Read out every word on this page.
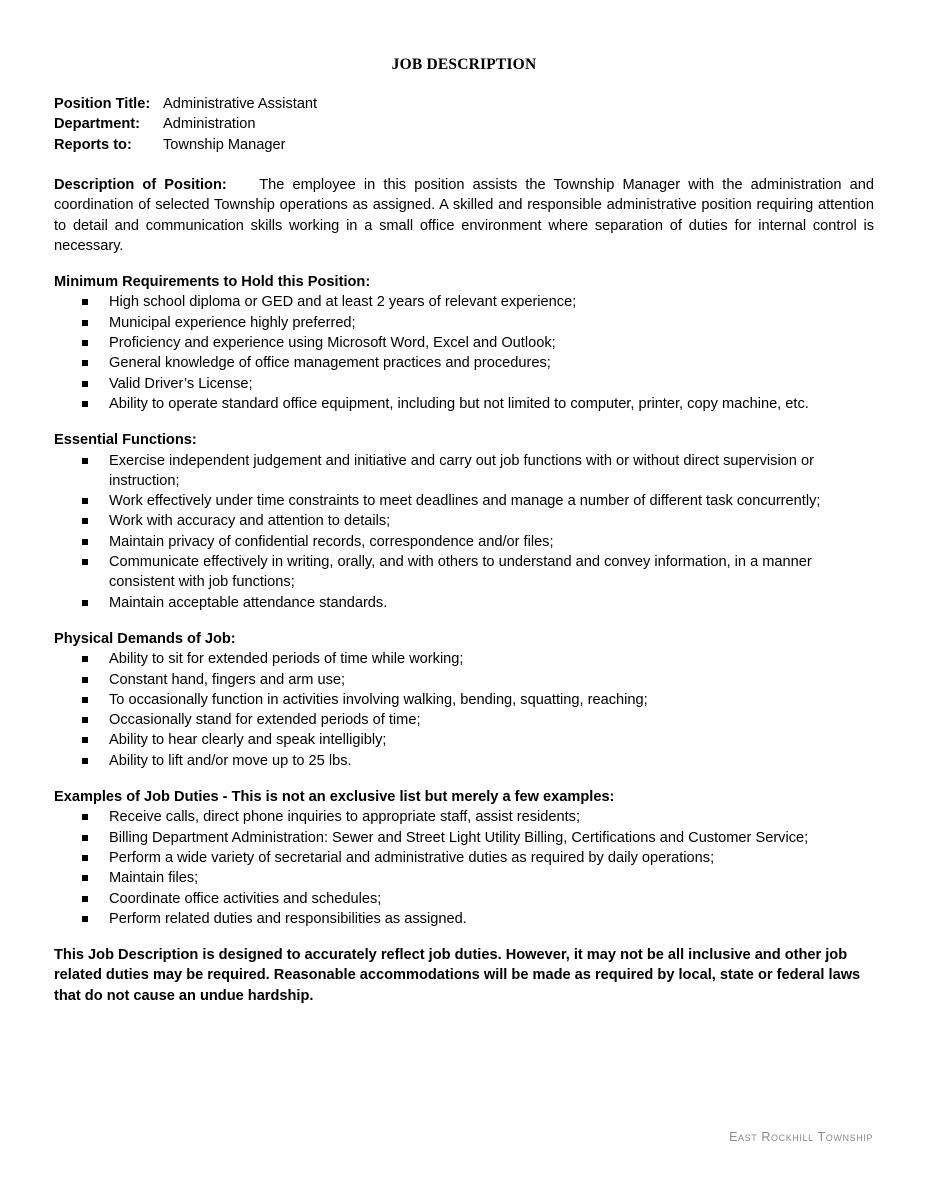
JOB DESCRIPTION
Position Title: Administrative Assistant
Department: Administration
Reports to: Township Manager

Description of Position: The employee in this position assists the Township Manager with the administration and coordination of selected Township operations as assigned. A skilled and responsible administrative position requiring attention to detail and communication skills working in a small office environment where separation of duties for internal control is necessary.

Minimum Requirements to Hold this Position:

High school diploma or GED and at least 2 years of relevant experience;
Municipal experience highly preferred;
Proficiency and experience using Microsoft Word, Excel and Outlook;
General knowledge of office management practices and procedures;
Valid Driver’s License;
Ability to operate standard office equipment, including but not limited to computer, printer, copy machine, etc.

Essential Functions:

Exercise independent judgement and initiative and carry out job functions with or without direct supervision or instruction;
Work effectively under time constraints to meet deadlines and manage a number of different task concurrently;
Work with accuracy and attention to details;
Maintain privacy of confidential records, correspondence and/or files;
Communicate effectively in writing, orally, and with others to understand and convey information, in a manner consistent with job functions;
Maintain acceptable attendance standards.

Physical Demands of Job:

Ability to sit for extended periods of time while working;
Constant hand, fingers and arm use;
To occasionally function in activities involving walking, bending, squatting, reaching;
Occasionally stand for extended periods of time;
Ability to hear clearly and speak intelligibly;
Ability to lift and/or move up to 25 lbs.

Examples of Job Duties - This is not an exclusive list but merely a few examples:

Receive calls, direct phone inquiries to appropriate staff, assist residents;
Billing Department Administration: Sewer and Street Light Utility Billing, Certifications and Customer Service;
Perform a wide variety of secretarial and administrative duties as required by daily operations;
Maintain files;
Coordinate office activities and schedules;
Perform related duties and responsibilities as assigned.

This Job Description is designed to accurately reflect job duties. However, it may not be all inclusive and other job related duties may be required. Reasonable accommodations will be made as required by local, state or federal laws that do not cause an undue hardship.

East Rockhill Township
